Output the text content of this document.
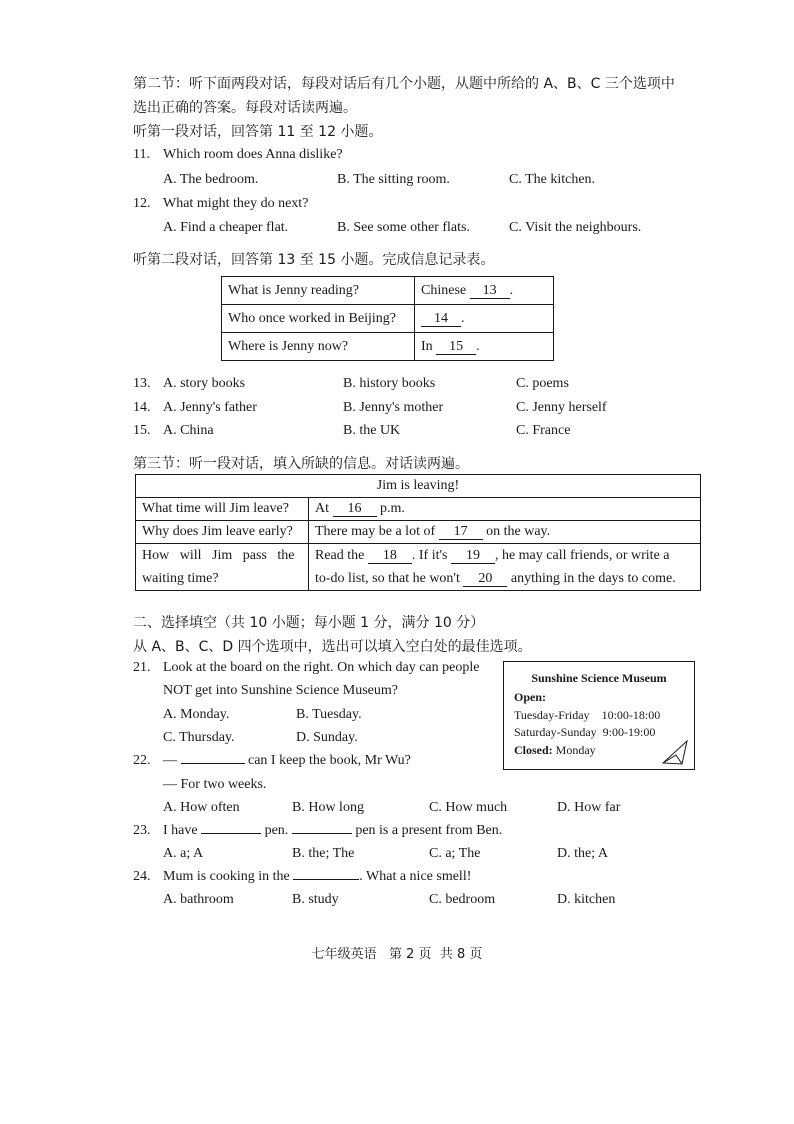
第二节：听下面两段对话，每段对话后有几个小题，从题中所给的 A、B、C 三个选项中
选出正确的答案。每段对话读两遍。
听第一段对话，回答第 11 至 12 小题。
11. Which room does Anna dislike?
A. The bedroom.	B. The sitting room.	C. The kitchen.
12. What might they do next?
A. Find a cheaper flat.	B. See some other flats.	C. Visit the neighbours.
听第二段对话，回答第 13 至 15 小题。完成信息记录表。
What is Jenny reading?	Chinese 13 .
Who once worked in Beijing?	14 .
Where is Jenny now?	In 15 .
13. A. story books	B. history books	C. poems
14. A. Jenny's father	B. Jenny's mother	C. Jenny herself
15. A. China	B. the UK	C. France
第三节：听一段对话，填入所缺的信息。对话读两遍。
Jim is leaving!	
What time will Jim leave?	At 16 p.m.
Why does Jim leave early?	There may be a lot of 17 on the way.
How   will   Jim   pass   the
waiting time?	Read the 18 . If it's 19 , he may call friends, or write a
to-do list, so that he won't 20 anything in the days to come.
二、选择填空（共 10 小题；每小题 1 分，满分 10 分）
从 A、B、C、D 四个选项中，选出可以填入空白处的最佳选项。
21. Look at the board on the right. On which day can people
NOT get into Sunshine Science Museum?
A. Monday.	B. Tuesday.
C. Thursday.	D. Sunday.
Sunshine Science Museum
Open:
Tuesday-Friday 10:00-18:00
Saturday-Sunday 9:00-19:00
Closed: Monday
22. —	can I keep the book, Mr Wu?
— For two weeks.
A. How often	B. How long	C. How much	D. How far
23. I have	pen.	pen is a present from Ben.
A. a; A	B. the; The	C. a; The	D. the; A
24. Mum is cooking in the	. What a nice smell!
A. bathroom	B. study	C. bedroom	D. kitchen
七年级英语   第 2 页  共 8 页
